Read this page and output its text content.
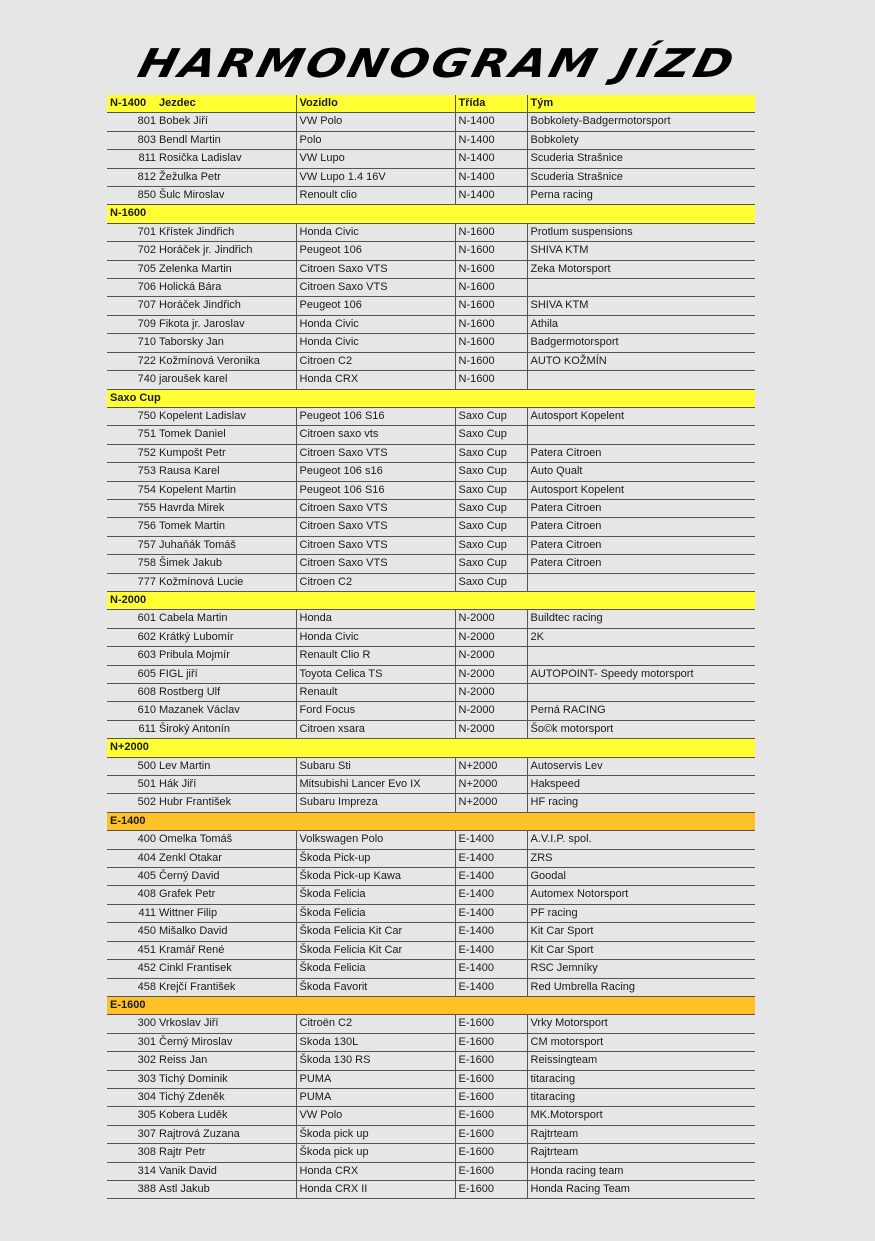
HARMONOGRAM JÍZD
N-1400	Jezdec	Vozidlo	Třída	Tým
801	Bobek Jiří	VW Polo	N-1400	Bobkolety-Badgermotorsport
803	Bendl Martin	Polo	N-1400	Bobkolety
811	Rosička Ladislav	VW Lupo	N-1400	Scuderia Strašnice
812	Žežulka Petr	VW Lupo 1.4 16V	N-1400	Scuderia Strašnice
850	Šulc Miroslav	Renoult clio	N-1400	Perna racing
N-1600				
701	Křístek Jindřich	Honda Civic	N-1600	Protlum suspensions
702	Horáček jr. Jindřich	Peugeot 106	N-1600	SHIVA KTM
705	Zelenka Martin	Citroen Saxo VTS	N-1600	Zeka Motorsport
706	Holická Bára	Citroen Saxo VTS	N-1600	
707	Horáček Jindřich	Peugeot 106	N-1600	SHIVA KTM
709	Fikota jr. Jaroslav	Honda Civic	N-1600	Athila
710	Taborsky Jan	Honda Civic	N-1600	Badgermotorsport
722	Kožmínová Veronika	Citroen C2	N-1600	AUTO KOŽMÍN
740	jaroušek karel	Honda CRX	N-1600	
Saxo Cup				
750	Kopelent Ladislav	Peugeot 106 S16	Saxo Cup	Autosport Kopelent
751	Tomek Daniel	Citroen saxo vts	Saxo Cup	
752	Kumpošt Petr	Citroen Saxo VTS	Saxo Cup	Patera Citroen
753	Rausa Karel	Peugeot 106 s16	Saxo Cup	Auto Qualt
754	Kopelent Martin	Peugeot 106 S16	Saxo Cup	Autosport Kopelent
755	Havrda Mirek	Citroen Saxo VTS	Saxo Cup	Patera Citroen
756	Tomek Martin	Citroen Saxo VTS	Saxo Cup	Patera Citroen
757	Juhaňák Tomáš	Citroen Saxo VTS	Saxo Cup	Patera Citroen
758	Šimek Jakub	Citroen Saxo VTS	Saxo Cup	Patera Citroen
777	Kožmínová Lucie	Citroen C2	Saxo Cup	
N-2000				
601	Cabela Martin	Honda	N-2000	Buildtec racing
602	Krátký Lubomír	Honda Civic	N-2000	2K
603	Pribula Mojmír	Renault Clio R	N-2000	
605	FIGL jiří	Toyota Celica TS	N-2000	AUTOPOINT- Speedy motorsport
608	Rostberg Ulf	Renault	N-2000	
610	Mazanek Václav	Ford Focus	N-2000	Perná RACING
611	Široký Antonín	Citroen xsara	N-2000	Šo©k motorsport
N+2000				
500	Lev Martin	Subaru Sti	N+2000	Autoservis Lev
501	Hák Jiří	Mitsubishi Lancer Evo IX	N+2000	Hakspeed
502	Hubr František	Subaru Impreza	N+2000	HF racing
E-1400				
400	Omelka Tomáš	Volkswagen Polo	E-1400	A.V.I.P. spol.
404	Zenkl Otakar	Škoda Pick-up	E-1400	ZRS
405	Černý David	Škoda Pick-up Kawa	E-1400	Goodal
408	Grafek Petr	Škoda Felicia	E-1400	Automex Notorsport
411	Wittner Filip	Škoda Felicia	E-1400	PF racing
450	Mišalko David	Škoda Felicia Kit Car	E-1400	Kit Car Sport
451	Kramář René	Škoda Felicia Kit Car	E-1400	Kit Car Sport
452	Cinkl Frantisek	Škoda Felicia	E-1400	RSC Jemníky
458	Krejčí František	Škoda Favorit	E-1400	Red Umbrella Racing
E-1600				
300	Vrkoslav Jiří	Citroën C2	E-1600	Vrky Motorsport
301	Černý Miroslav	Skoda 130L	E-1600	CM motorsport
302	Reiss Jan	Škoda 130 RS	E-1600	Reissingteam
303	Tichý Dominik	PUMA	E-1600	titaracing
304	Tichý Zdeněk	PUMA	E-1600	titaracing
305	Kobera Luděk	VW Polo	E-1600	MK.Motorsport
307	Rajtrová Zuzana	Škoda pick up	E-1600	Rajtrteam
308	Rajtr Petr	Škoda pick up	E-1600	Rajtrteam
314	Vanik David	Honda CRX	E-1600	Honda racing team
388	Astl Jakub	Honda CRX II	E-1600	Honda Racing Team
